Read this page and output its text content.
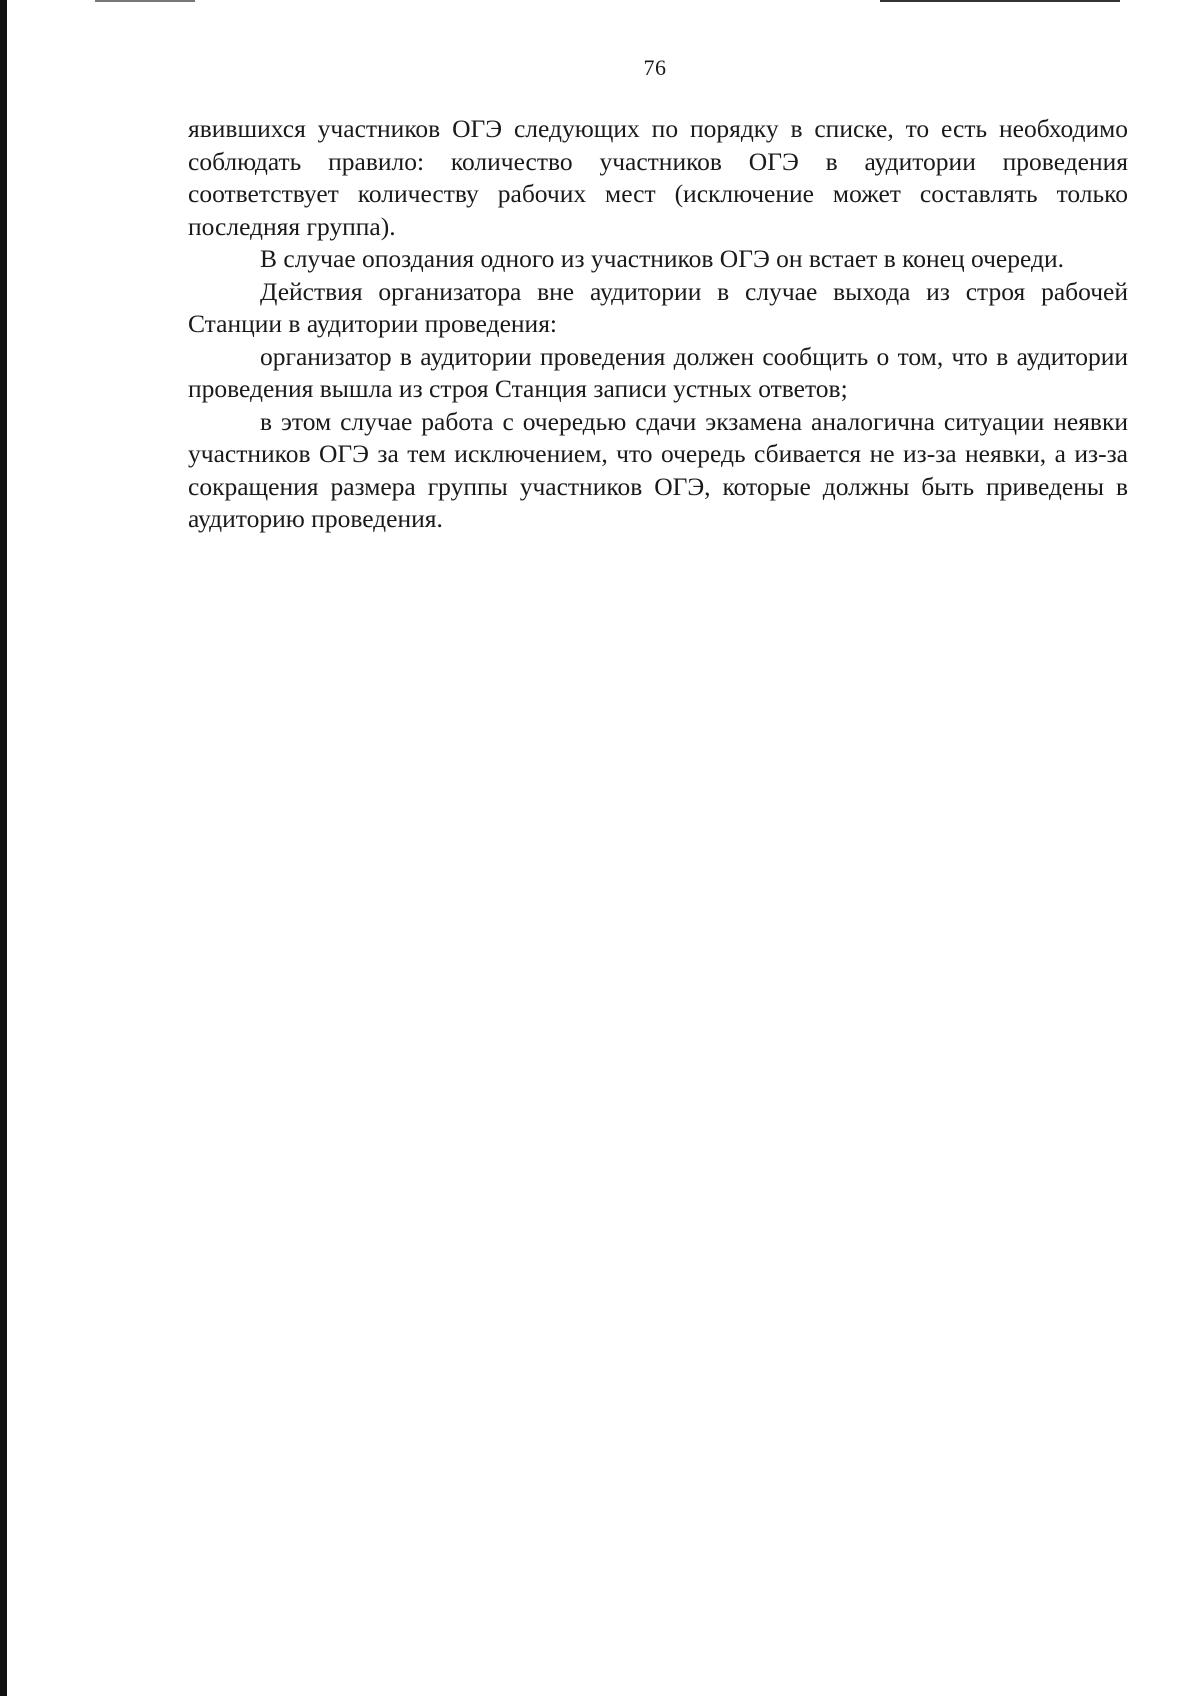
76

явившихся участников ОГЭ следующих по порядку в списке, то есть необходимо соблюдать правило: количество участников ОГЭ в аудитории проведения соответствует количеству рабочих мест (исключение может составлять только последняя группа).

В случае опоздания одного из участников ОГЭ он встает в конец очереди.

Действия организатора вне аудитории в случае выхода из строя рабочей Станции в аудитории проведения:

организатор в аудитории проведения должен сообщить о том, что в аудитории проведения вышла из строя Станция записи устных ответов;

в этом случае работа с очередью сдачи экзамена аналогична ситуации неявки участников ОГЭ за тем исключением, что очередь сбивается не из-за неявки, а из-за сокращения размера группы участников ОГЭ, которые должны быть приведены в аудиторию проведения.
